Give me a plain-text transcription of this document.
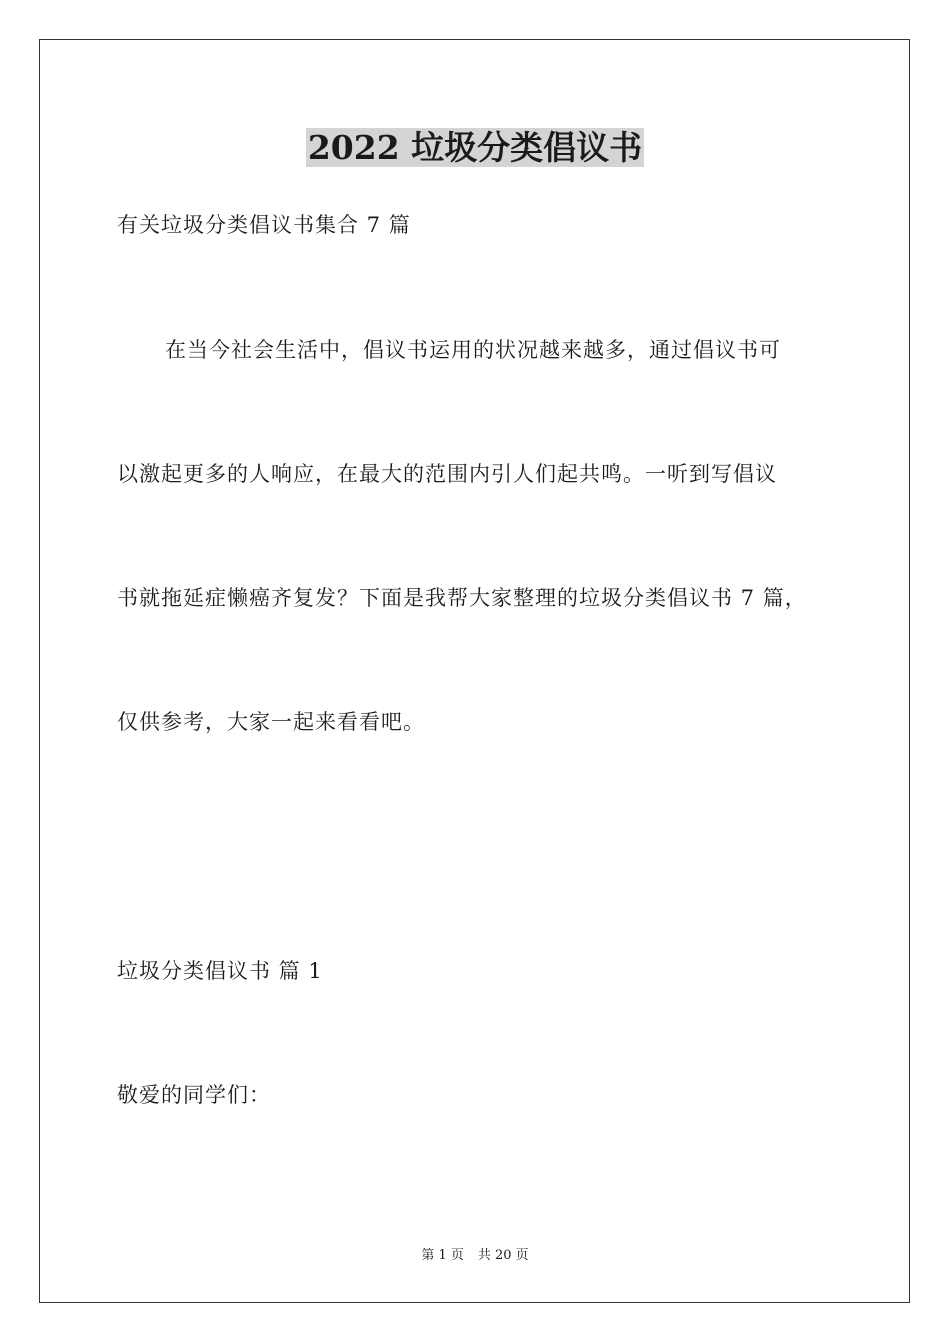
2022 垃圾分类倡议书
有关垃圾分类倡议书集合 7 篇
在当今社会生活中，倡议书运用的状况越来越多，通过倡议书可
以激起更多的人响应，在最大的范围内引人们起共鸣。一听到写倡议
书就拖延症懒癌齐复发？下面是我帮大家整理的垃圾分类倡议书 7 篇，
仅供参考，大家一起来看看吧。
垃圾分类倡议书 篇 1
敬爱的同学们：
第 1 页 共 20 页
